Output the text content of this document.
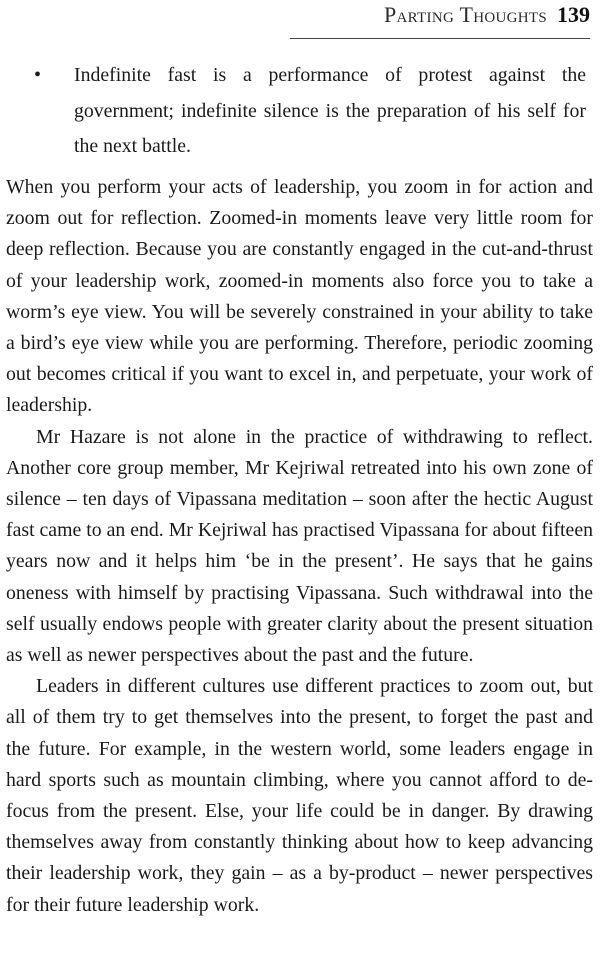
Parting Thoughts 139
•	Indefinite fast is a performance of protest against the government; indefinite silence is the preparation of his self for the next battle.

When you perform your acts of leadership, you zoom in for action and zoom out for reflection. Zoomed-in moments leave very little room for deep reflection. Because you are constantly engaged in the cut-and-thrust of your leadership work, zoomed-in moments also force you to take a worm’s eye view. You will be severely constrained in your ability to take a bird’s eye view while you are performing. Therefore, periodic zooming out becomes critical if you want to excel in, and perpetuate, your work of leadership.

Mr Hazare is not alone in the practice of withdrawing to reflect. Another core group member, Mr Kejriwal retreated into his own zone of silence – ten days of Vipassana meditation – soon after the hectic August fast came to an end. Mr Kejriwal has practised Vipassana for about fifteen years now and it helps him ‘be in the present’. He says that he gains oneness with himself by practising Vipassana. Such withdrawal into the self usually endows people with greater clarity about the present situation as well as newer perspectives about the past and the future.

Leaders in different cultures use different practices to zoom out, but all of them try to get themselves into the present, to forget the past and the future. For example, in the western world, some leaders engage in hard sports such as mountain climbing, where you cannot afford to de-focus from the present. Else, your life could be in danger. By drawing themselves away from constantly thinking about how to keep advancing their leadership work, they gain – as a by-product – newer perspectives for their future leadership work.
